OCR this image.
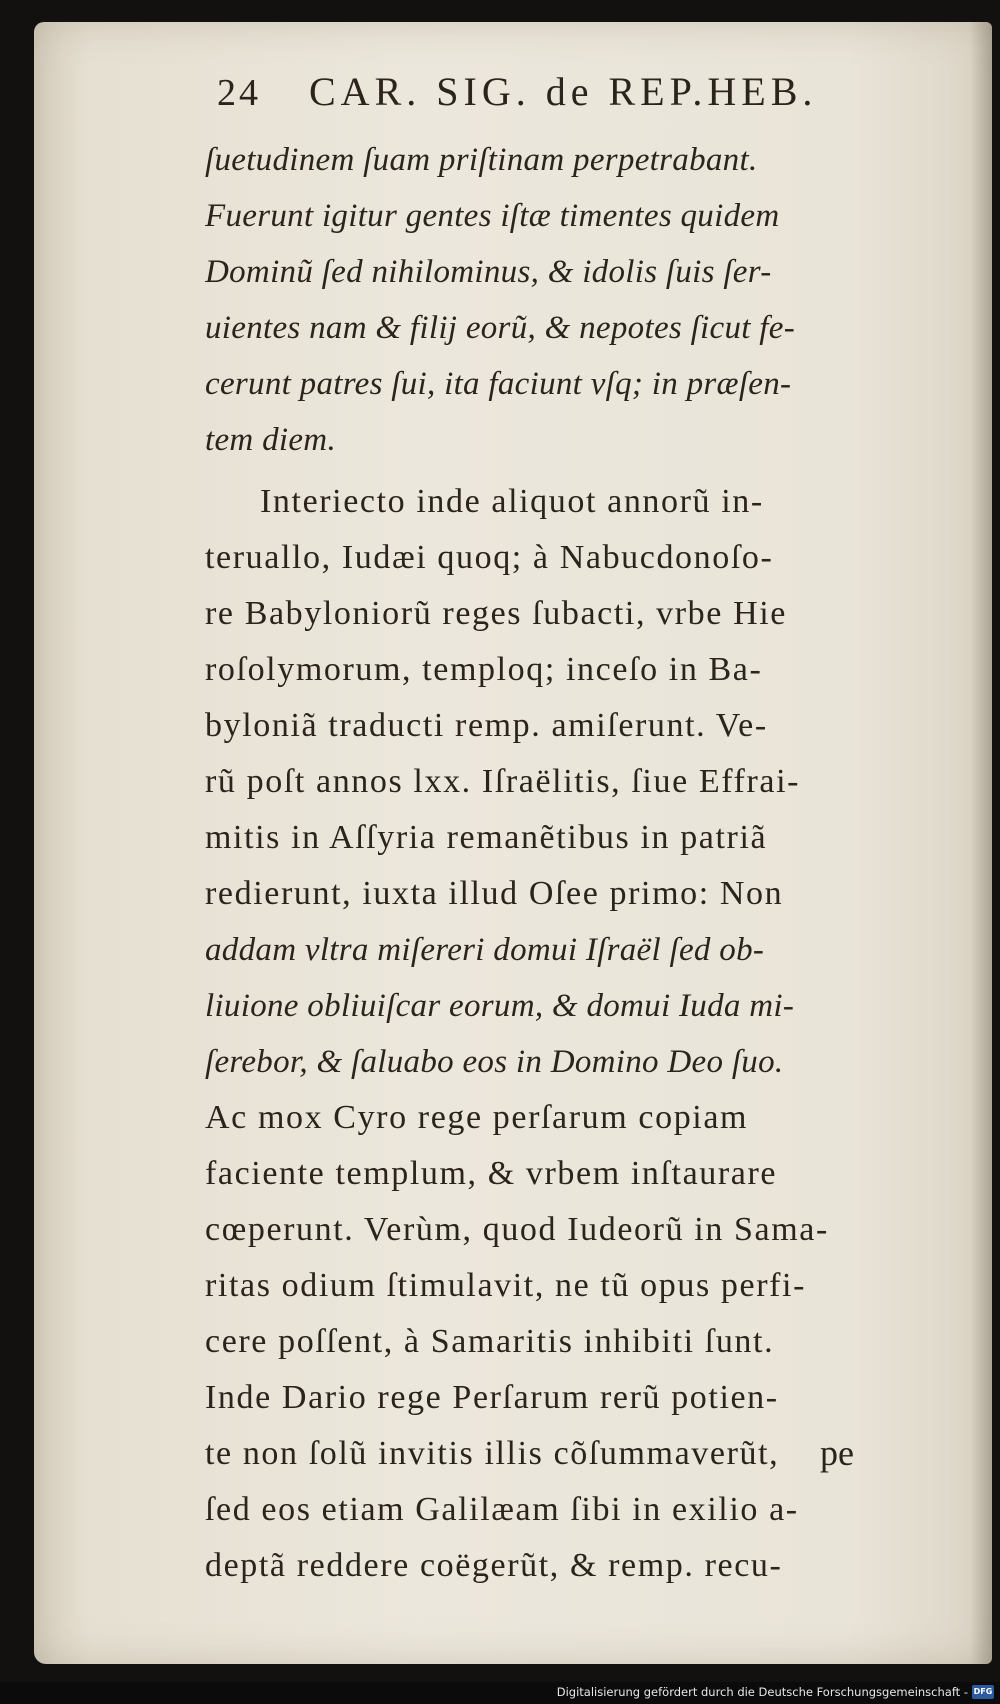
24 CAR. SIG. de REP.HEB.
ſuetudinem ſuam priſtinam perpetrabant.
Fuerunt igitur gentes iſtæ timentes quidem
Dominũ ſed nihilominus, & idolis ſuis ſer-
uientes nam & filij eorũ, & nepotes ſicut fe-
cerunt patres ſui, ita faciunt vſq; in præſen-
tem diem.
Interiecto inde aliquot annorũ in-
teruallo, Iudæi quoq; à Nabucdonoſo-
re Babyloniorũ reges ſubacti, vrbe Hie
roſolymorum, temploq; inceſo in Ba-
byloniã traducti remp. amiſerunt. Ve-
rũ poſt annos lxx. Iſraëlitis, ſiue Effrai-
mitis in Aſſyria remanẽtibus in patriã
redierunt, iuxta illud Oſee primo: Non
addam vltra miſereri domui Iſraël ſed ob-
liuione obliuiſcar eorum, & domui Iuda mi-
ſerebor, & ſaluabo eos in Domino Deo ſuo.
Ac mox Cyro rege perſarum copiam
faciente templum, & vrbem inſtaurare
cœperunt. Verùm, quod Iudeorũ in Sama-
ritas odium ſtimulavit, ne tũ opus perfi-
cere poſſent, à Samaritis inhibiti ſunt.
Inde Dario rege Perſarum rerũ potien-
te non ſolũ invitis illis cõſummaverũt,
ſed eos etiam Galilæam ſibi in exilio a-
deptã reddere coëgerũt, & remp. recu-
pe
Digitalisierung gefördert durch die Deutsche Forschungsgemeinschaft - DFG
